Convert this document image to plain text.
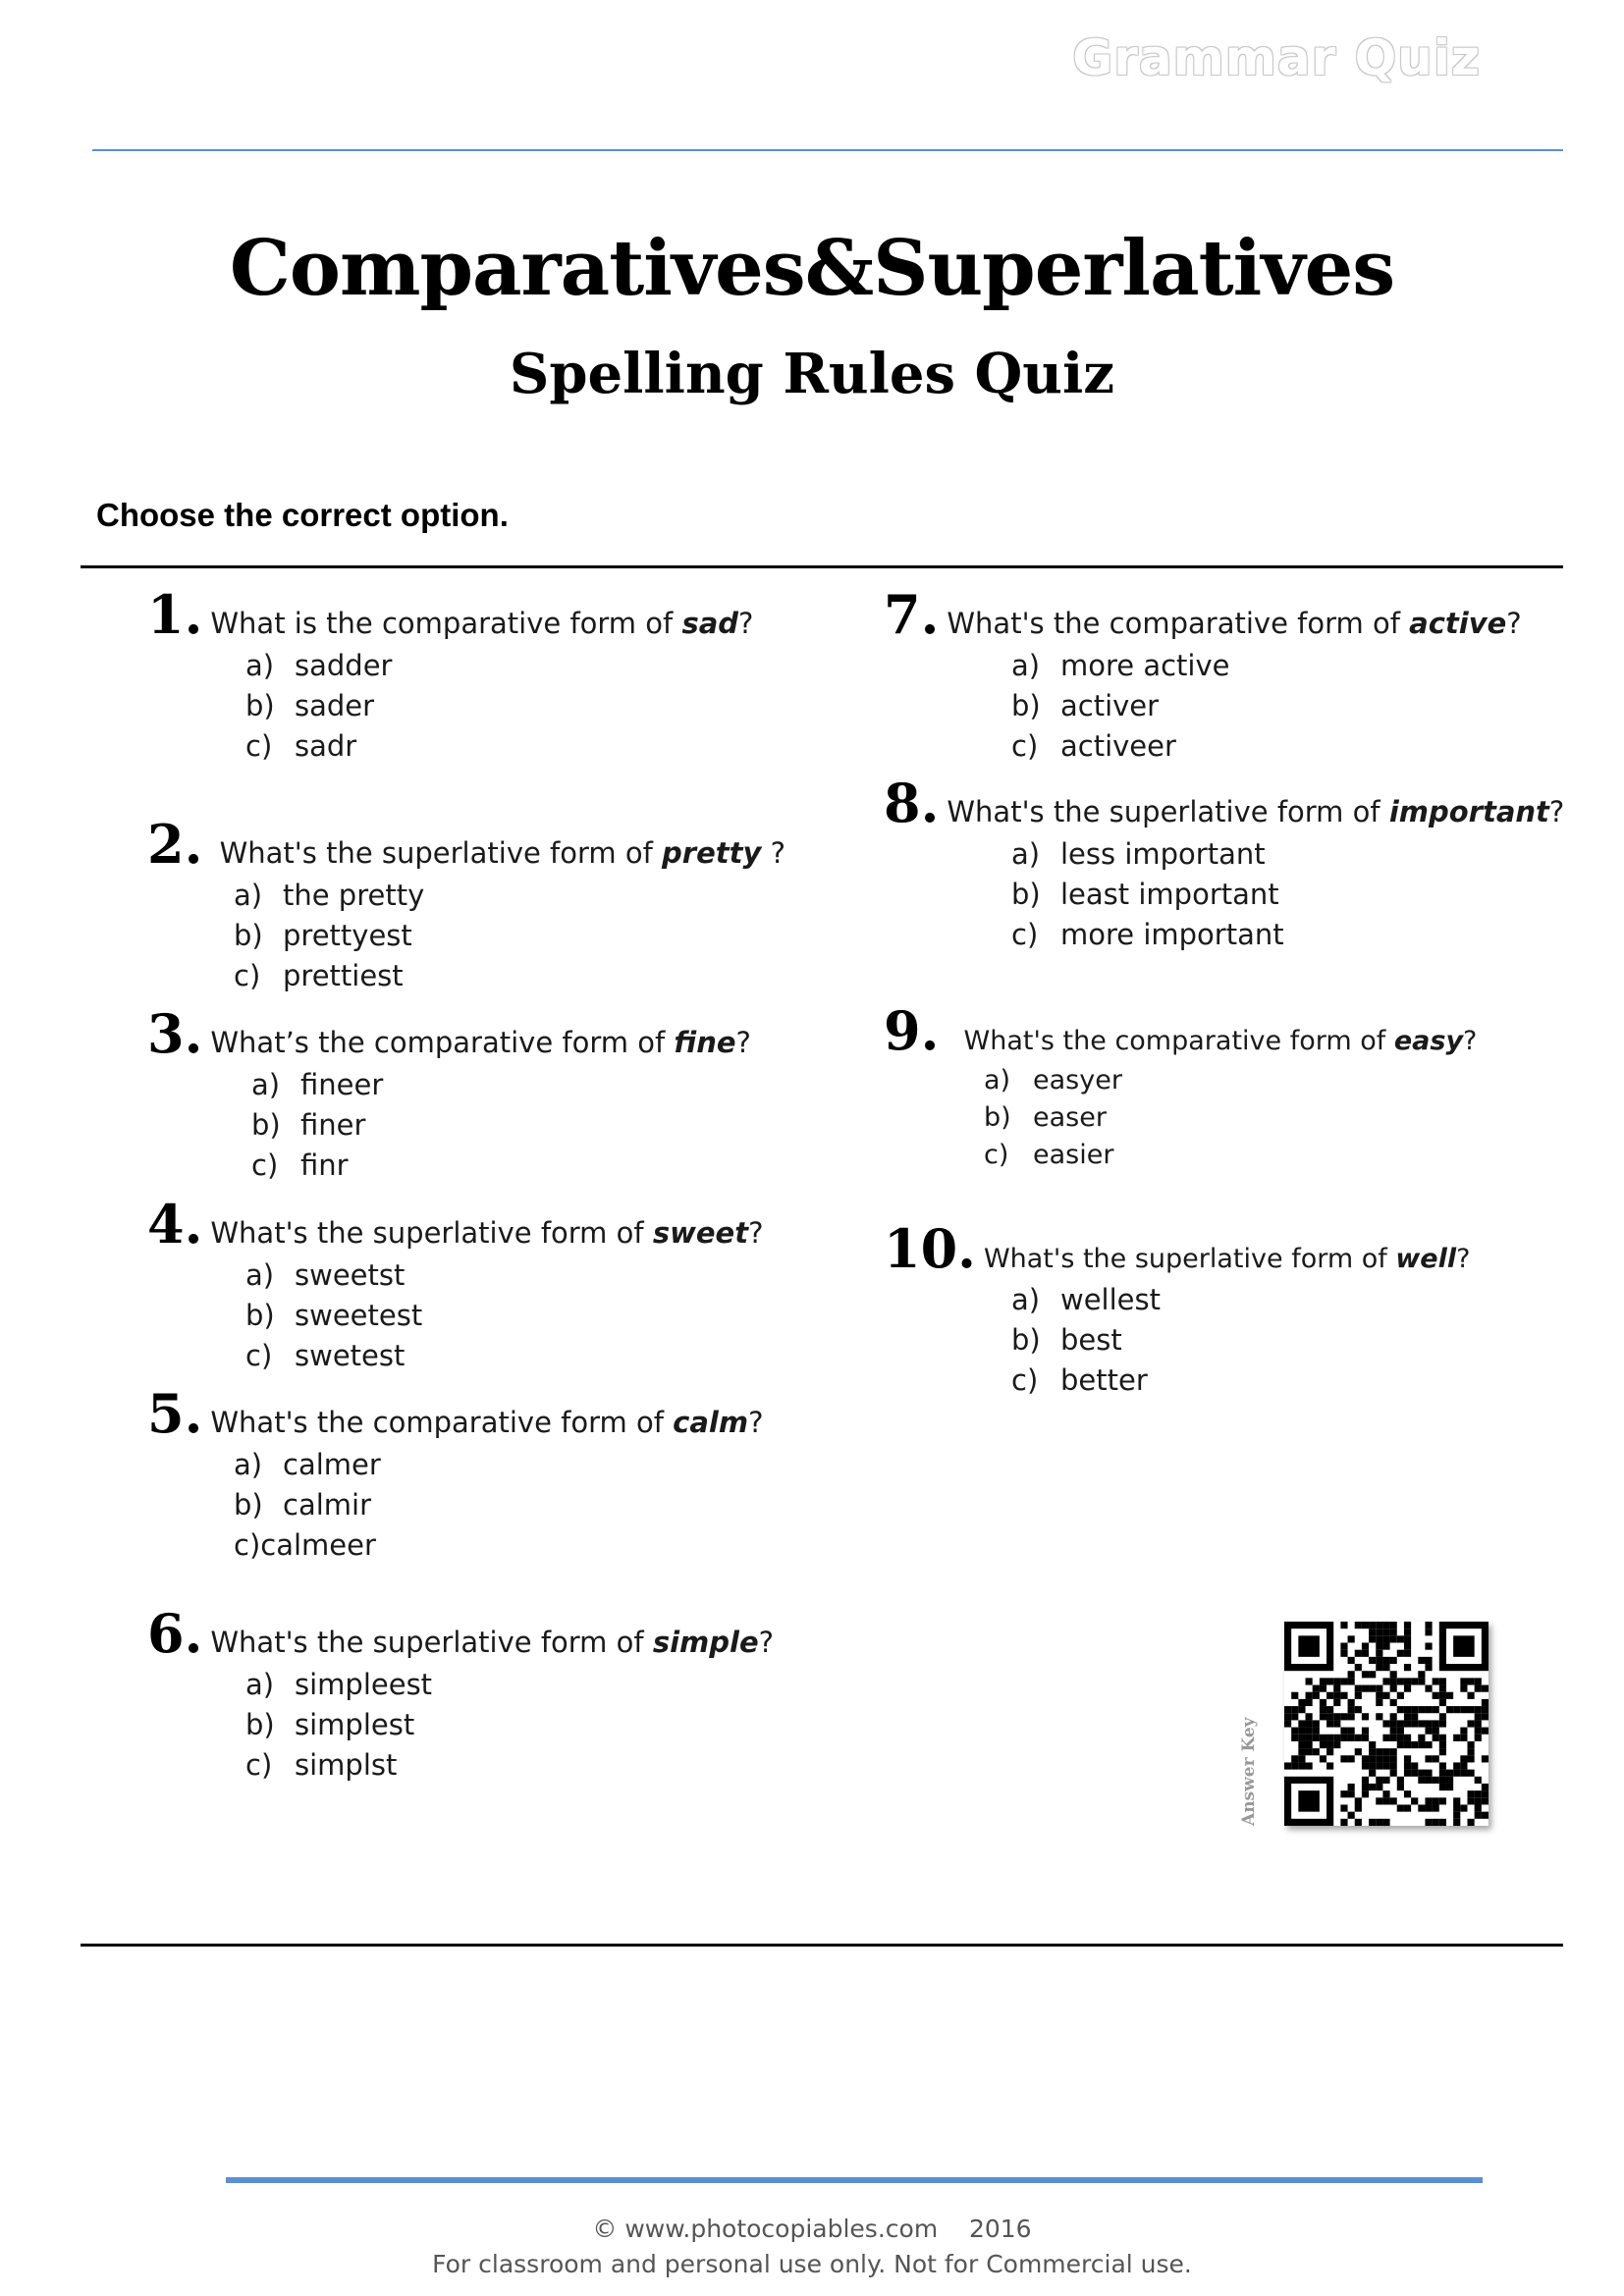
Grammar Quiz
Comparatives&Superlatives
Spelling Rules Quiz
Choose the correct option.
1. What is the comparative form of sad?
a) sadder
b) sader
c) sadr
2. What's the superlative form of pretty ?
a) the pretty
b) prettyest
c) prettiest
3. What’s the comparative form of fine?
a) fineer
b) finer
c) finr
4. What's the superlative form of sweet?
a) sweetst
b) sweetest
c) swetest
5. What's the comparative form of calm?
a) calmer
b) calmir
c)calmeer
6. What's the superlative form of simple?
a) simpleest
b) simplest
c) simplst
7. What's the comparative form of active?
a) more active
b) activer
c) activeer
8. What's the superlative form of important?
a) less important
b) least important
c) more important
9. What's the comparative form of easy?
a) easyer
b) easer
c) easier
10. What's the superlative form of well?
a) wellest
b) best
c) better
Answer Key
© www.photocopiables.com    2016
For classroom and personal use only. Not for Commercial use.
